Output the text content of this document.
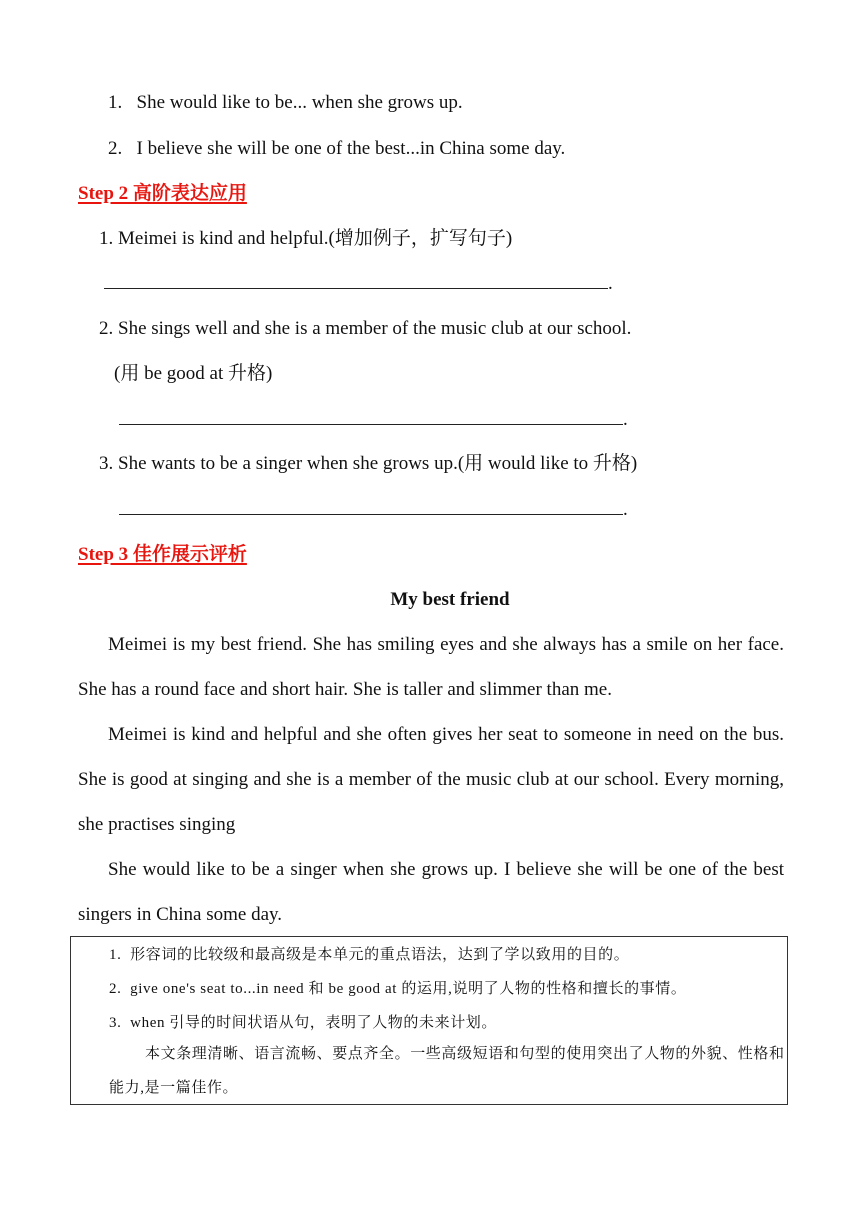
1. She would like to be... when she grows up.
2. I believe she will be one of the best...in China some day.
Step 2 高阶表达应用
1. Meimei is kind and helpful.(增加例子，扩写句子)
.
2. She sings well and she is a member of the music club at our school.
(用 be good at 升格)
.
3. She wants to be a singer when she grows up.(用 would like to 升格)
.
Step 3 佳作展示评析
My best friend
Meimei is my best friend. She has smiling eyes and she always has a smile on her face. She has a round face and short hair. She is taller and slimmer than me.
Meimei is kind and helpful and she often gives her seat to someone in need on the bus. She is good at singing and she is a member of the music club at our school. Every morning, she practises singing
She would like to be a singer when she grows up. I believe she will be one of the best singers in China some day.
1. 形容词的比较级和最高级是本单元的重点语法，达到了学以致用的目的。
2. give one's seat to...in need 和 be good at 的运用,说明了人物的性格和擅长的事情。
3. when 引导的时间状语从句，表明了人物的未来计划。
本文条理清晰、语言流畅、要点齐全。一些高级短语和句型的使用突出了人物的外貌、性格和能力,是一篇佳作。
